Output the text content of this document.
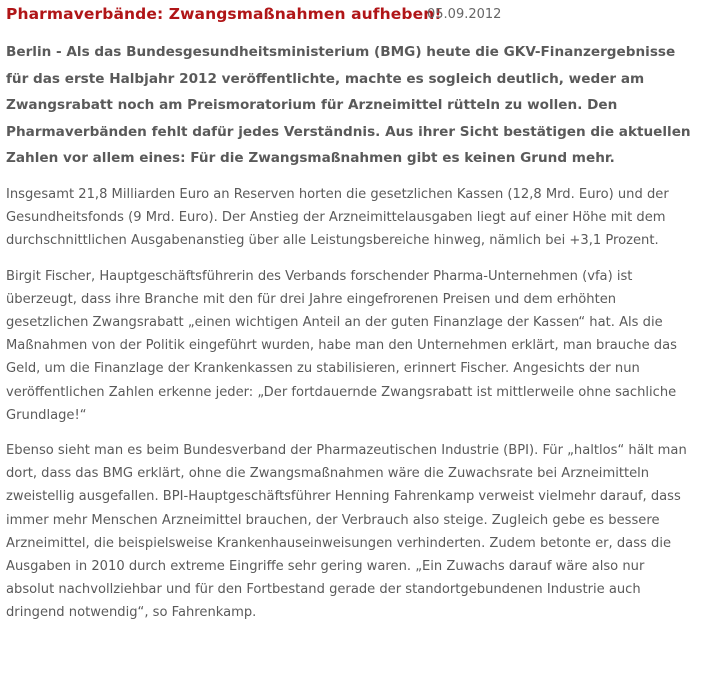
Pharmaverbände: Zwangsmaßnahmen aufheben!
05.09.2012

Berlin - Als das Bundesgesundheitsministerium (BMG) heute die GKV-Finanzergebnisse für das erste Halbjahr 2012 veröffentlichte, machte es sogleich deutlich, weder am Zwangsrabatt noch am Preismoratorium für Arzneimittel rütteln zu wollen. Den Pharmaverbänden fehlt dafür jedes Verständnis. Aus ihrer Sicht bestätigen die aktuellen Zahlen vor allem eines: Für die Zwangsmaßnahmen gibt es keinen Grund mehr.

Insgesamt 21,8 Milliarden Euro an Reserven horten die gesetzlichen Kassen (12,8 Mrd. Euro) und der Gesundheitsfonds (9 Mrd. Euro). Der Anstieg der Arzneimittelausgaben liegt auf einer Höhe mit dem durchschnittlichen Ausgabenanstieg über alle Leistungsbereiche hinweg, nämlich bei +3,1 Prozent.

Birgit Fischer, Hauptgeschäftsführerin des Verbands forschender Pharma-Unternehmen (vfa) ist überzeugt, dass ihre Branche mit den für drei Jahre eingefrorenen Preisen und dem erhöhten gesetzlichen Zwangsrabatt „einen wichtigen Anteil an der guten Finanzlage der Kassen“ hat. Als die Maßnahmen von der Politik eingeführt wurden, habe man den Unternehmen erklärt, man brauche das Geld, um die Finanzlage der Krankenkassen zu stabilisieren, erinnert Fischer. Angesichts der nun veröffentlichen Zahlen erkenne jeder: „Der fortdauernde Zwangsrabatt ist mittlerweile ohne sachliche Grundlage!“

Ebenso sieht man es beim Bundesverband der Pharmazeutischen Industrie (BPI). Für „haltlos“ hält man dort, dass das BMG erklärt, ohne die Zwangsmaßnahmen wäre die Zuwachsrate bei Arzneimitteln zweistellig ausgefallen. BPI-Hauptgeschäftsführer Henning Fahrenkamp verweist vielmehr darauf, dass immer mehr Menschen Arzneimittel brauchen, der Verbrauch also steige. Zugleich gebe es bessere Arzneimittel, die beispielsweise Krankenhauseinweisungen verhinderten. Zudem betonte er, dass die Ausgaben in 2010 durch extreme Eingriffe sehr gering waren. „Ein Zuwachs darauf wäre also nur absolut nachvollziehbar und für den Fortbestand gerade der standortgebundenen Industrie auch dringend notwendig“, so Fahrenkamp.
